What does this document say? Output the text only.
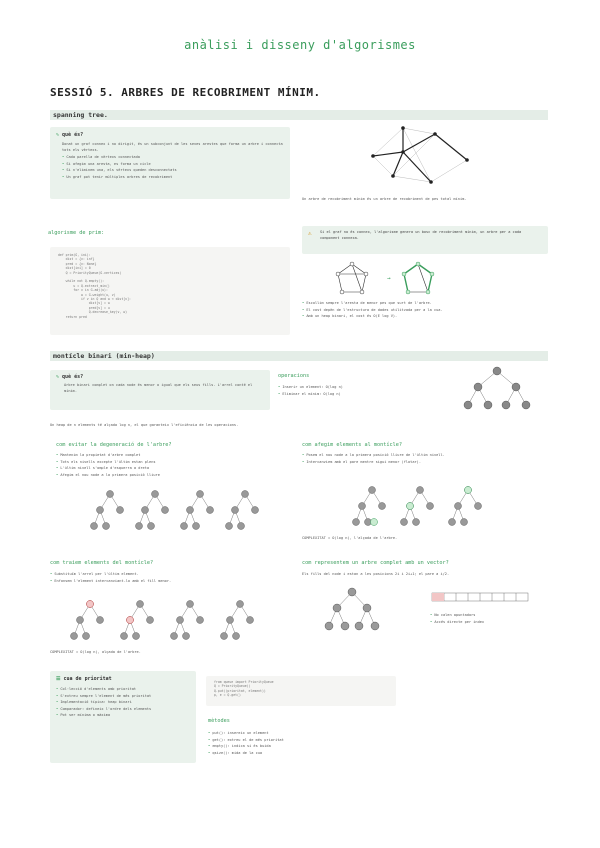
anàlisi i disseny d'algorismes
SESSIÓ 5. ARBRES DE RECOBRIMENT MÍNIM.
spanning tree.
✎ què és?
Donat un graf connex i no dirigit, és un subconjunt de les seves arestes que forma un arbre i connecta tots els vèrtexs.
• Cada parella de vèrtexs connectada
• Si afegim una aresta, es forma un cicle
• Si n'eliminem una, els vèrtexs queden desconnectats
• Un graf pot tenir múltiples arbres de recobriment
Un arbre de recobriment mínim és un arbre de recobriment de pes total mínim.
algorisme de prim:
def prim(G, ini):
dist = {v: inf}
pred = {v: None}
dist[ini] = 0
Q = PriorityQueue(G.vertices)

while not Q.empty():
u = Q.extract_min()
for v in G.adj(u):
w = G.weight(u, v)
if v in Q and w < dist[v]:
dist[v] = w
pred[v] = u
Q.decrease_key(v, w)
return pred
⚠ Si el graf no és connex, l'algorisme genera un bosc de recobriment mínim, un arbre per a cada component connexa.
→
• Escollim sempre l'aresta de menor pes que surt de l'arbre.
• El cost depèn de l'estructura de dades utilitzada per a la cua.
• Amb un heap binari, el cost és O(E log V).
montícle binari (min-heap)
✎ què és?
Arbre binari complet on cada node és menor o igual que els seus fills. L'arrel conté el mínim.
operacions
• Inserir un element: O(log n)
• Eliminar el mínim: O(log n)
Un heap de n elements té alçada log n, el que garanteix l'eficiència de les operacions.
com evitar la degeneració de l'arbre?
• Mantenim la propietat d'arbre complet
• Tots els nivells excepte l'últim estan plens
• L'últim nivell s'omple d'esquerra a dreta
• Afegim el nou node a la primera posició lliure
com afegim elements al montícle?
• Posem el nou node a la primera posició lliure de l'últim nivell.
• Intercanviem amb el pare mentre sigui menor (flotar).
COMPLEXITAT = O(log n), l'alçada de l'arbre.
com traiem elements del montícle?
• Substituïm l'arrel per l'últim element.
• Enfonsem l'element intercanviant-lo amb el fill menor.
COMPLEXITAT = O(log n), alçada de l'arbre.
com representem un arbre complet amb un vector?
Els fills del node i estan a les posicions 2i i 2i+1; el pare a i/2.
• No calen apuntadors
• Accés directe per índex
☰ cua de prioritat
• Col·lecció d'elements amb prioritat
• S'extreu sempre l'element de més prioritat
• Implementació típica: heap binari
• Comparador: defineix l'ordre dels elements
• Pot ser mínima o màxima
from queue import PriorityQueue
Q = PriorityQueue()
Q.put((prioritat, element))
p, e = Q.get()
mètodes
• put(): insereix un element
• get(): extreu el de més prioritat
• empty(): indica si és buida
• qsize(): mida de la cua
